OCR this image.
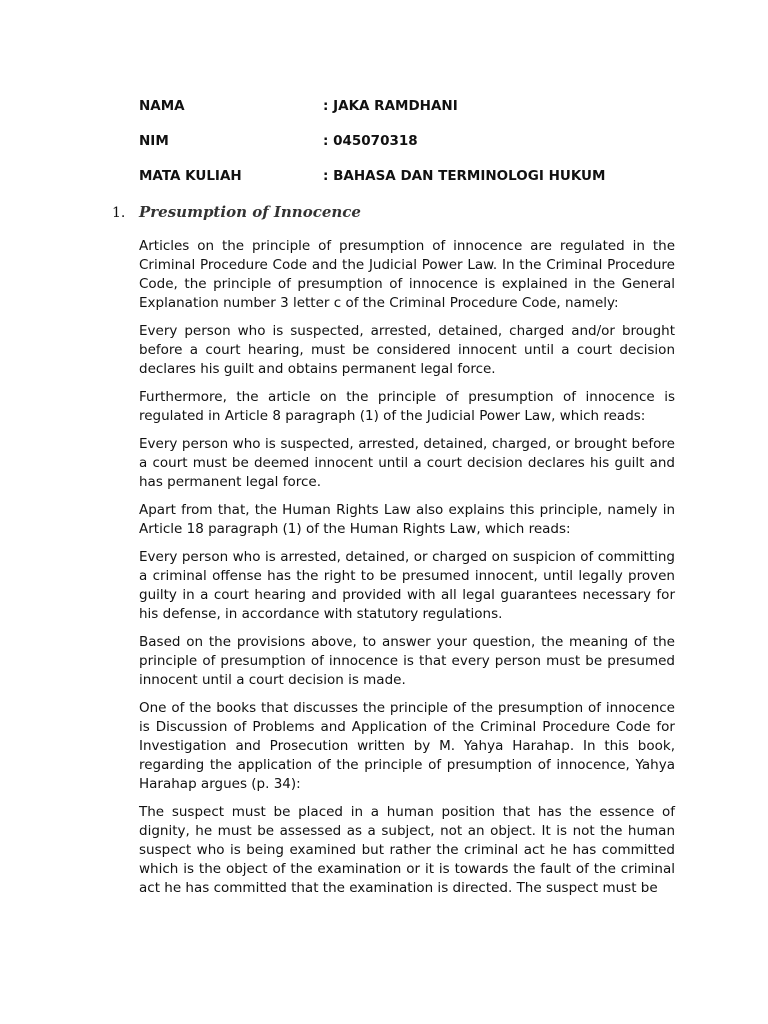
NAMA	: JAKA RAMDHANI
NIM	: 045070318
MATA KULIAH	: BAHASA DAN TERMINOLOGI HUKUM
1. Presumption of Innocence

Articles on the principle of presumption of innocence are regulated in the Criminal Procedure Code and the Judicial Power Law. In the Criminal Procedure Code, the principle of presumption of innocence is explained in the General Explanation number 3 letter c of the Criminal Procedure Code, namely:

Every person who is suspected, arrested, detained, charged and/or brought before a court hearing, must be considered innocent until a court decision declares his guilt and obtains permanent legal force.

Furthermore, the article on the principle of presumption of innocence is regulated in Article 8 paragraph (1) of the Judicial Power Law, which reads:

Every person who is suspected, arrested, detained, charged, or brought before a court must be deemed innocent until a court decision declares his guilt and has permanent legal force.

Apart from that, the Human Rights Law also explains this principle, namely in Article 18 paragraph (1) of the Human Rights Law, which reads:

Every person who is arrested, detained, or charged on suspicion of committing a criminal offense has the right to be presumed innocent, until legally proven guilty in a court hearing and provided with all legal guarantees necessary for his defense, in accordance with statutory regulations.

Based on the provisions above, to answer your question, the meaning of the principle of presumption of innocence is that every person must be presumed innocent until a court decision is made.

One of the books that discusses the principle of the presumption of innocence is Discussion of Problems and Application of the Criminal Procedure Code for Investigation and Prosecution written by M. Yahya Harahap. In this book, regarding the application of the principle of presumption of innocence, Yahya Harahap argues (p. 34):

The suspect must be placed in a human position that has the essence of dignity, he must be assessed as a subject, not an object. It is not the human suspect who is being examined but rather the criminal act he has committed which is the object of the examination or it is towards the fault of the criminal act he has committed that the examination is directed. The suspect must be
